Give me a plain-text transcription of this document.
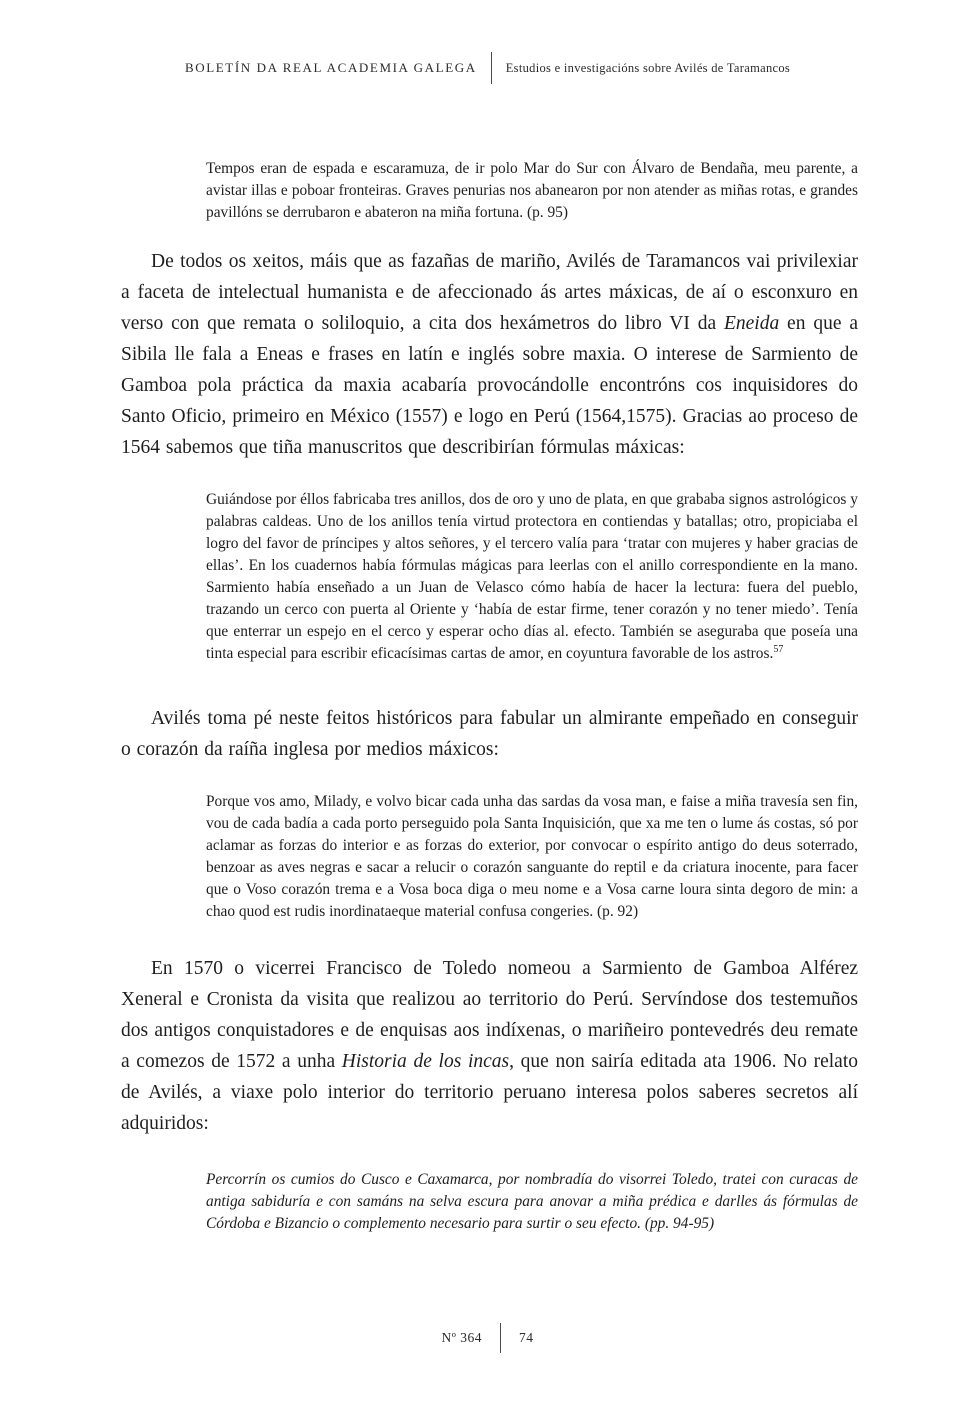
BOLETÍN DA REAL ACADEMIA GALEGA Estudios e investigacións sobre Avilés de Taramancos

Tempos eran de espada e escaramuza, de ir polo Mar do Sur con Álvaro de Bendaña, meu parente, a avistar illas e poboar fronteiras. Graves penurias nos abanearon por non atender as miñas rotas, e grandes pavillóns se derrubaron e abateron na miña fortuna. (p. 95)

De todos os xeitos, máis que as fazañas de mariño, Avilés de Taramancos vai privilexiar a faceta de intelectual humanista e de afeccionado ás artes máxicas, de aí o esconxuro en verso con que remata o soliloquio, a cita dos hexámetros do libro VI da Eneida en que a Sibila lle fala a Eneas e frases en latín e inglés sobre maxia. O interese de Sarmiento de Gamboa pola práctica da maxia acabaría provocándolle encontróns cos inquisidores do Santo Oficio, primeiro en México (1557) e logo en Perú (1564,1575). Gracias ao proceso de 1564 sabemos que tiña manuscritos que describirían fórmulas máxicas:

Guiándose por éllos fabricaba tres anillos, dos de oro y uno de plata, en que grababa signos astrológicos y palabras caldeas. Uno de los anillos tenía virtud protectora en contiendas y batallas; otro, propiciaba el logro del favor de príncipes y altos señores, y el tercero valía para ‘tratar con mujeres y haber gracias de ellas’. En los cuadernos había fórmulas mágicas para leerlas con el anillo correspondiente en la mano. Sarmiento había enseñado a un Juan de Velasco cómo había de hacer la lectura: fuera del pueblo, trazando un cerco con puerta al Oriente y ‘había de estar firme, tener corazón y no tener miedo’. Tenía que enterrar un espejo en el cerco y esperar ocho días al. efecto. También se aseguraba que poseía una tinta especial para escribir eficacísimas cartas de amor, en coyuntura favorable de los astros.$^{57}$

Avilés toma pé neste feitos históricos para fabular un almirante empeñado en conseguir o corazón da raíña inglesa por medios máxicos:

Porque vos amo, Milady, e volvo bicar cada unha das sardas da vosa man, e faise a miña travesía sen fin, vou de cada badía a cada porto perseguido pola Santa Inquisición, que xa me ten o lume ás costas, só por aclamar as forzas do interior e as forzas do exterior, por convocar o espírito antigo do deus soterrado, benzoar as aves negras e sacar a relucir o corazón sanguante do reptil e da criatura inocente, para facer que o Voso corazón trema e a Vosa boca diga o meu nome e a Vosa carne loura sinta degoro de min: a chao quod est rudis inordinataeque material confusa congeries. (p. 92)

En 1570 o vicerrei Francisco de Toledo nomeou a Sarmiento de Gamboa Alférez Xeneral e Cronista da visita que realizou ao territorio do Perú. Servíndose dos testemuños dos antigos conquistadores e de enquisas aos indíxenas, o mariñeiro pontevedrés deu remate a comezos de 1572 a unha Historia de los incas, que non sairía editada ata 1906. No relato de Avilés, a viaxe polo interior do territorio peruano interesa polos saberes secretos alí adquiridos:

Percorrín os cumios do Cusco e Caxamarca, por nombradía do visorrei Toledo, tratei con curacas de antiga sabiduría e con samáns na selva escura para anovar a miña prédica e darlles ás fórmulas de Córdoba e Bizancio o complemento necesario para surtir o seu efecto. (pp. 94-95)

Nº 364	74
